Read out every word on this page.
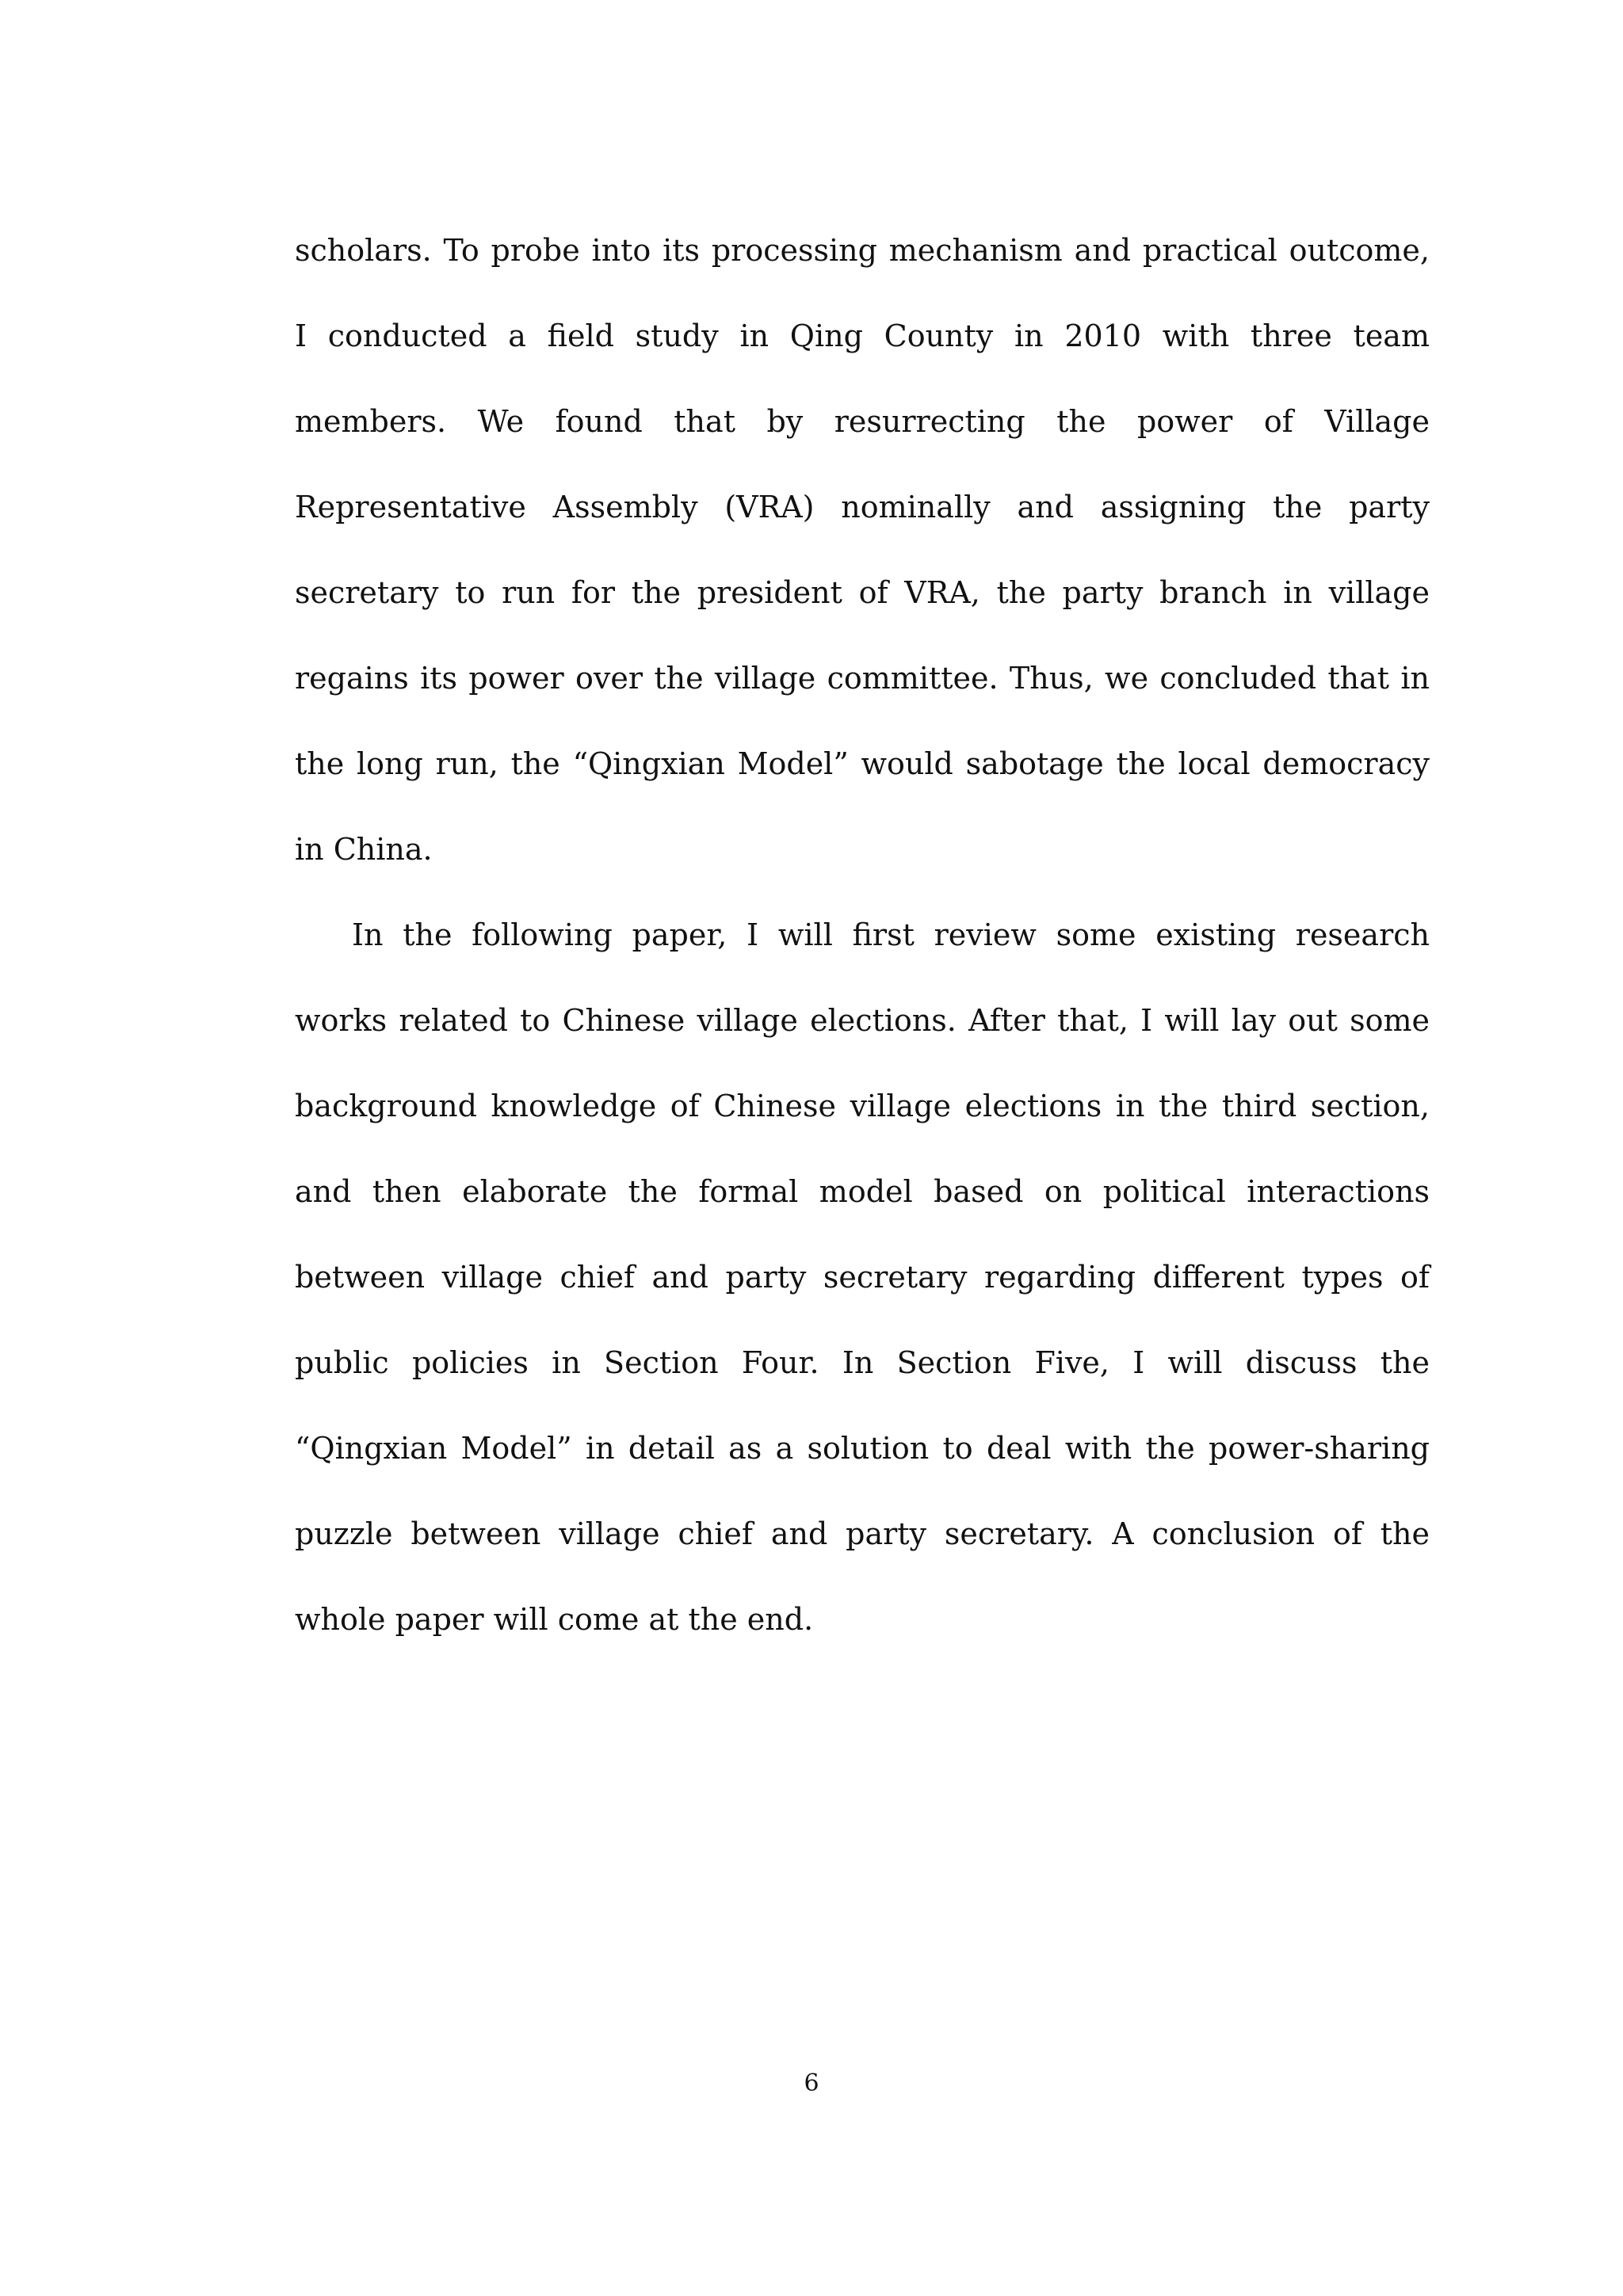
scholars. To probe into its processing mechanism and practical outcome, I conducted a field study in Qing County in 2010 with three team members. We found that by resurrecting the power of Village Representative Assembly (VRA) nominally and assigning the party secretary to run for the president of VRA, the party branch in village regains its power over the village committee. Thus, we concluded that in the long run, the “Qingxian Model” would sabotage the local democracy in China.

In the following paper, I will first review some existing research works related to Chinese village elections. After that, I will lay out some background knowledge of Chinese village elections in the third section, and then elaborate the formal model based on political interactions between village chief and party secretary regarding different types of public policies in Section Four. In Section Five, I will discuss the “Qingxian Model” in detail as a solution to deal with the power-sharing puzzle between village chief and party secretary. A conclusion of the whole paper will come at the end.

6
